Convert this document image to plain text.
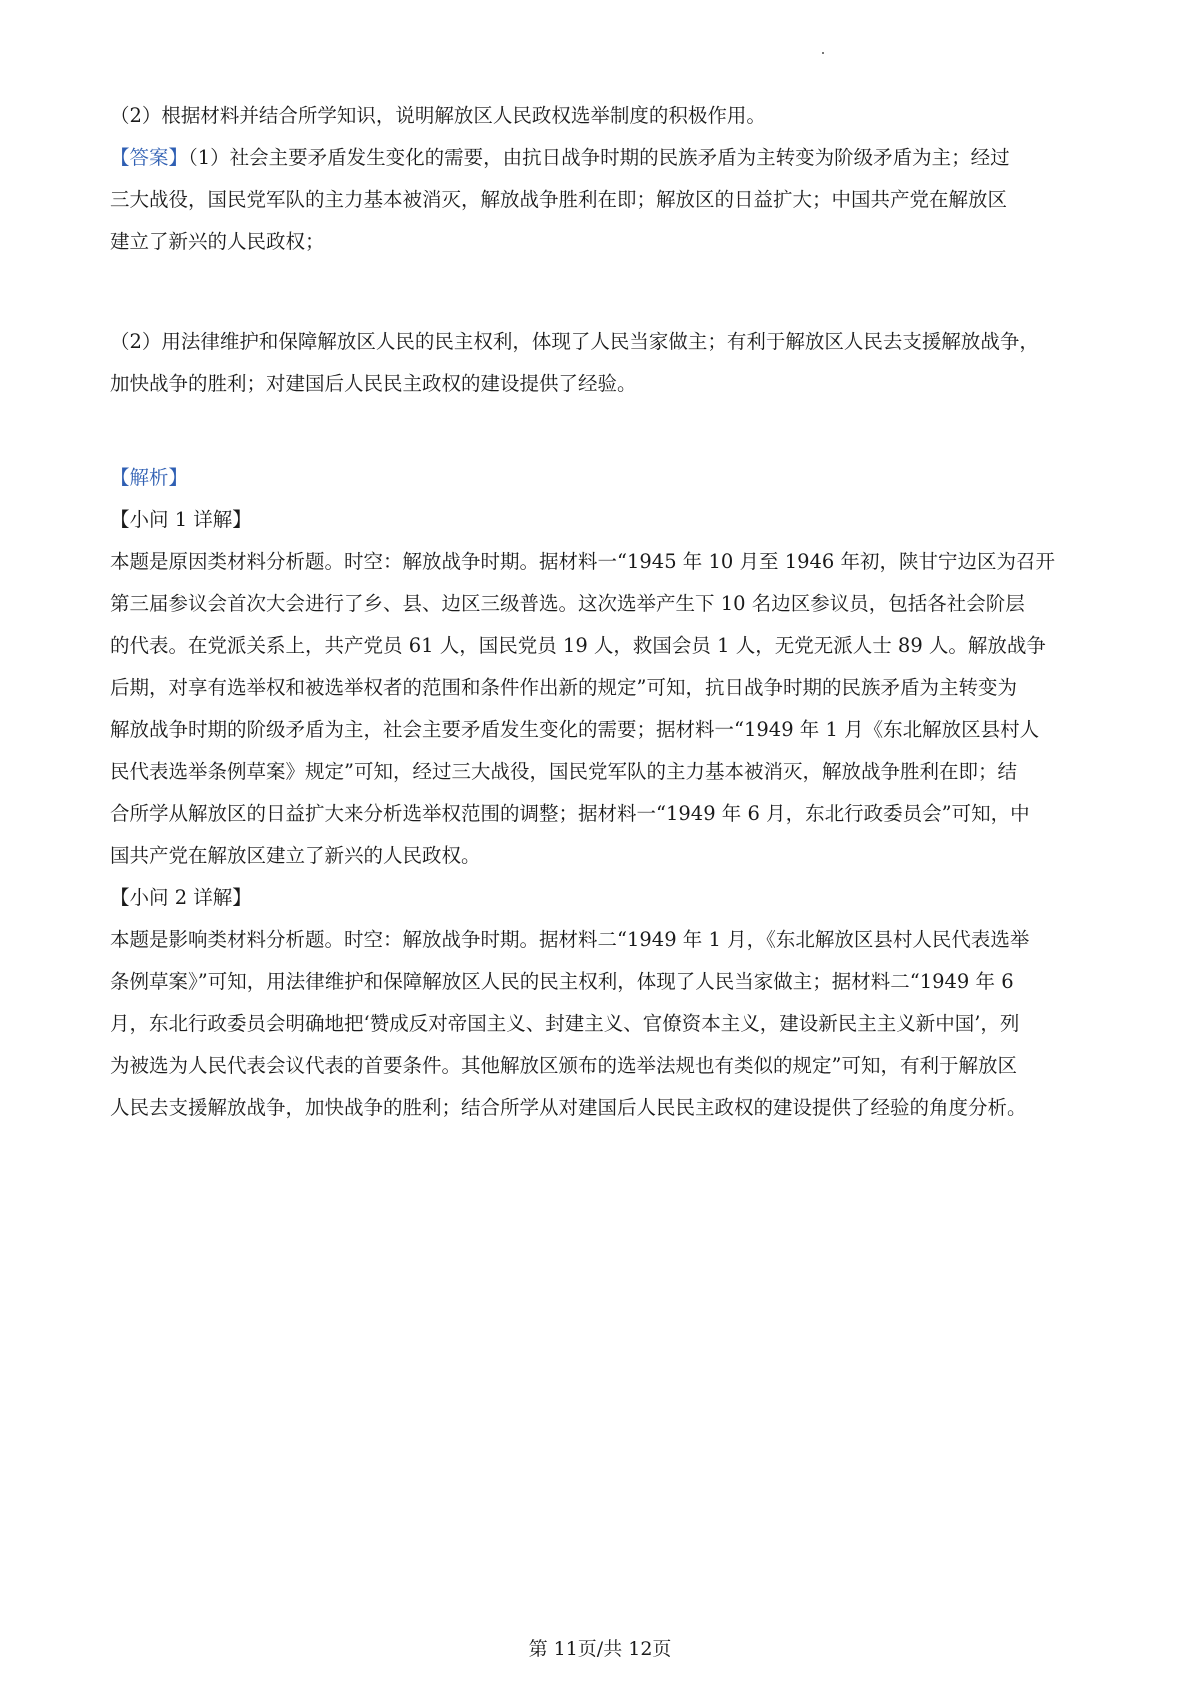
（2）根据材料并结合所学知识，说明解放区人民政权选举制度的积极作用。

【答案】（1）社会主要矛盾发生变化的需要，由抗日战争时期的民族矛盾为主转变为阶级矛盾为主；经过

三大战役，国民党军队的主力基本被消灭，解放战争胜利在即；解放区的日益扩大；中国共产党在解放区

建立了新兴的人民政权；

（2）用法律维护和保障解放区人民的民主权利，体现了人民当家做主；有利于解放区人民去支援解放战争，

加快战争的胜利；对建国后人民民主政权的建设提供了经验。

【解析】

【小问 1 详解】

本题是原因类材料分析题。时空：解放战争时期。据材料一“1945 年 10 月至 1946 年初，陕甘宁边区为召开

第三届参议会首次大会进行了乡、县、边区三级普选。这次选举产生下 10 名边区参议员，包括各社会阶层

的代表。在党派关系上，共产党员 61 人，国民党员 19 人，救国会员 1 人，无党无派人士 89 人。解放战争

后期，对享有选举权和被选举权者的范围和条件作出新的规定”可知，抗日战争时期的民族矛盾为主转变为

解放战争时期的阶级矛盾为主，社会主要矛盾发生变化的需要；据材料一“1949 年 1 月《东北解放区县村人

民代表选举条例草案》规定”可知，经过三大战役，国民党军队的主力基本被消灭，解放战争胜利在即；结

合所学从解放区的日益扩大来分析选举权范围的调整；据材料一“1949 年 6 月，东北行政委员会”可知，中

国共产党在解放区建立了新兴的人民政权。

【小问 2 详解】

本题是影响类材料分析题。时空：解放战争时期。据材料二“1949 年 1 月，《东北解放区县村人民代表选举

条例草案》”可知，用法律维护和保障解放区人民的民主权利，体现了人民当家做主；据材料二“1949 年 6

月，东北行政委员会明确地把‘赞成反对帝国主义、封建主义、官僚资本主义，建设新民主主义新中国’，列

为被选为人民代表会议代表的首要条件。其他解放区颁布的选举法规也有类似的规定”可知，有利于解放区

人民去支援解放战争，加快战争的胜利；结合所学从对建国后人民民主政权的建设提供了经验的角度分析。

第 11页/共 12页
